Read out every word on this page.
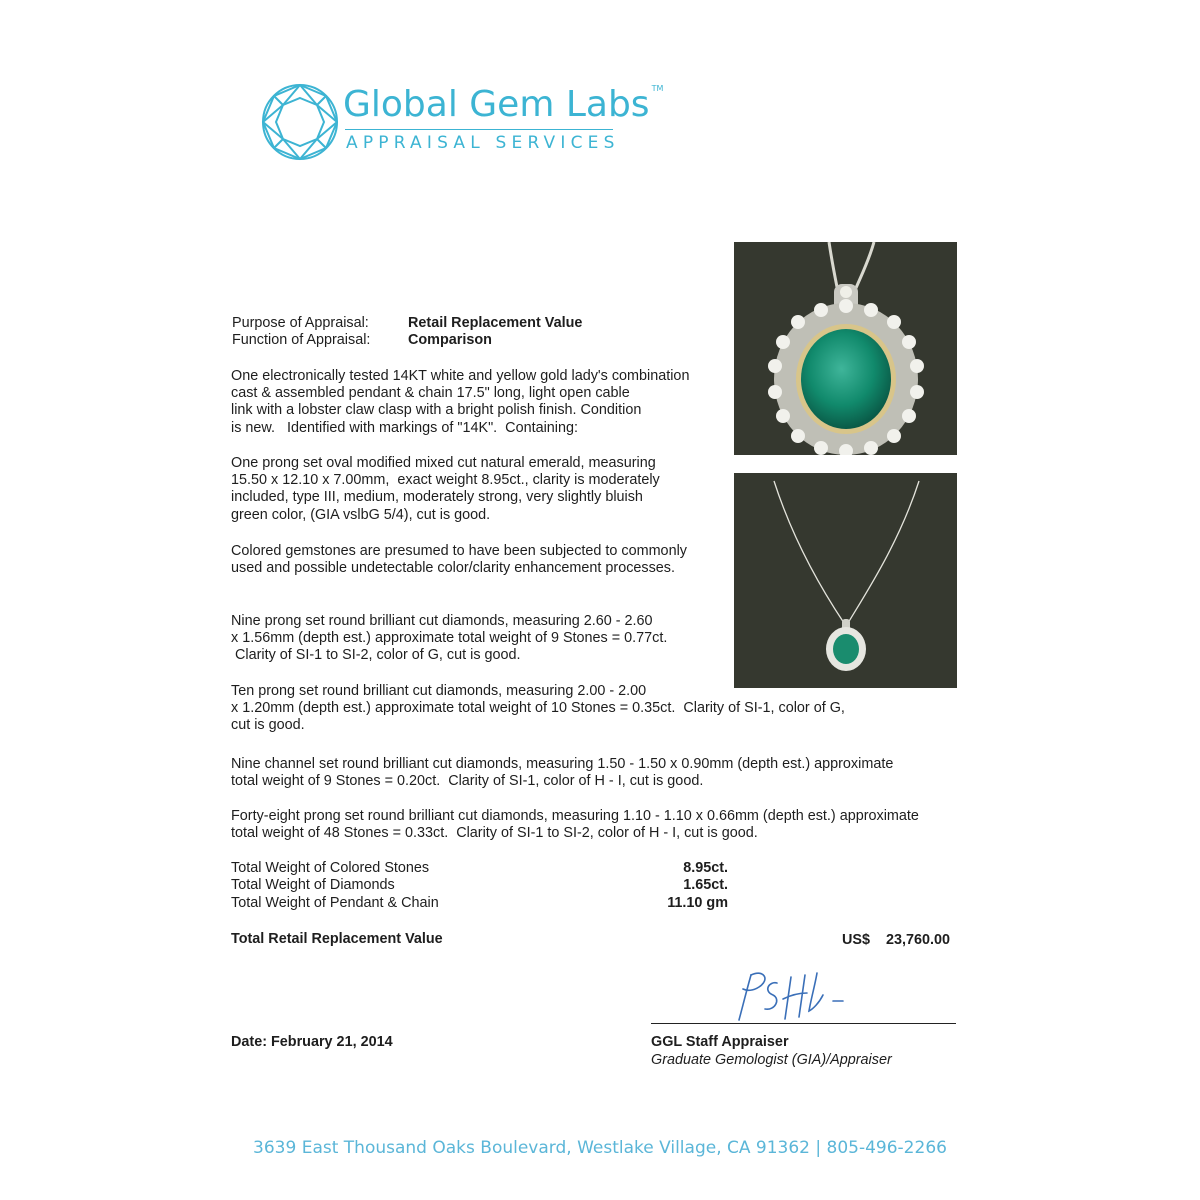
Global Gem Labs ™
APPRAISAL SERVICES
Purpose of Appraisal:	Retail Replacement Value
Function of Appraisal:	Comparison
One electronically tested 14KT white and yellow gold lady's combination
cast & assembled pendant & chain 17.5" long, light open cable
link with a lobster claw clasp with a bright polish finish. Condition
is new.   Identified with markings of "14K".  Containing:
One prong set oval modified mixed cut natural emerald, measuring
15.50 x 12.10 x 7.00mm,  exact weight 8.95ct., clarity is moderately
included, type III, medium, moderately strong, very slightly bluish
green color, (GIA vslbG 5/4), cut is good.
Colored gemstones are presumed to have been subjected to commonly
used and possible undetectable color/clarity enhancement processes.
Nine prong set round brilliant cut diamonds, measuring 2.60 - 2.60
x 1.56mm (depth est.) approximate total weight of 9 Stones = 0.77ct.
Clarity of SI-1 to SI-2, color of G, cut is good.
Ten prong set round brilliant cut diamonds, measuring 2.00 - 2.00
x 1.20mm (depth est.) approximate total weight of 10 Stones = 0.35ct.  Clarity of SI-1, color of G,
cut is good.
Nine channel set round brilliant cut diamonds, measuring 1.50 - 1.50 x 0.90mm (depth est.) approximate
total weight of 9 Stones = 0.20ct.  Clarity of SI-1, color of H - I, cut is good.
Forty-eight prong set round brilliant cut diamonds, measuring 1.10 - 1.10 x 0.66mm (depth est.) approximate
total weight of 48 Stones = 0.33ct.  Clarity of SI-1 to SI-2, color of H - I, cut is good.
Total Weight of Colored Stones	8.95ct.
Total Weight of Diamonds	1.65ct.
Total Weight of Pendant & Chain	11.10 gm
Total Retail Replacement Value	US$ 23,760.00
Date: February 21, 2014	GGL Staff Appraiser
Graduate Gemologist (GIA)/Appraiser
3639 East Thousand Oaks Boulevard, Westlake Village, CA 91362 | 805-496-2266
